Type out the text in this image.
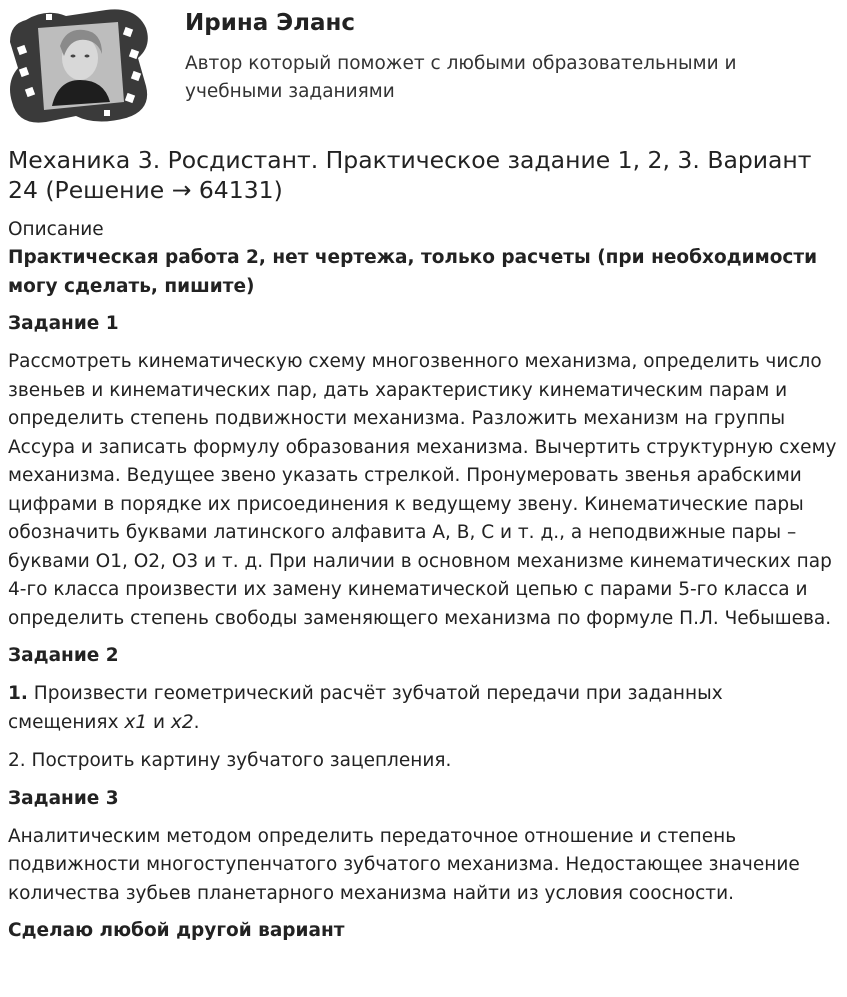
Ирина Эланс
Автор который поможет с любыми образовательными и учебными заданиями
Механика 3. Росдистант. Практическое задание 1, 2, 3. Вариант 24 (Решение → 64131)
Описание

Практическая работа 2, нет чертежа, только расчеты (при необходимости могу сделать, пишите)

Задание 1

Рассмотреть кинематическую схему многозвенного механизма, определить число звеньев и кинематических пар, дать характеристику кинематическим парам и определить степень подвижности механизма. Разложить механизм на группы Ассура и записать формулу образования механизма. Вычертить структурную схему механизма. Ведущее звено указать стрелкой. Пронумеровать звенья арабскими цифрами в порядке их присоединения к ведущему звену. Кинематические пары обозначить буквами латинского алфавита А, В, С и т. д., а неподвижные пары – буквами О1, О2, О3 и т. д. При наличии в основном механизме кинематических пар 4-го класса произвести их замену кинематической цепью с парами 5-го класса и определить степень свободы заменяющего механизма по формуле П.Л. Чебышева.

Задание 2

1. Произвести геометрический расчёт зубчатой передачи при заданных смещениях x1 и x2.

2. Построить картину зубчатого зацепления.

Задание 3

Аналитическим методом определить передаточное отношение и степень подвижности многоступенчатого зубчатого механизма. Недостающее значение количества зубьев планетарного механизма найти из условия соосности.

Сделаю любой другой вариант
